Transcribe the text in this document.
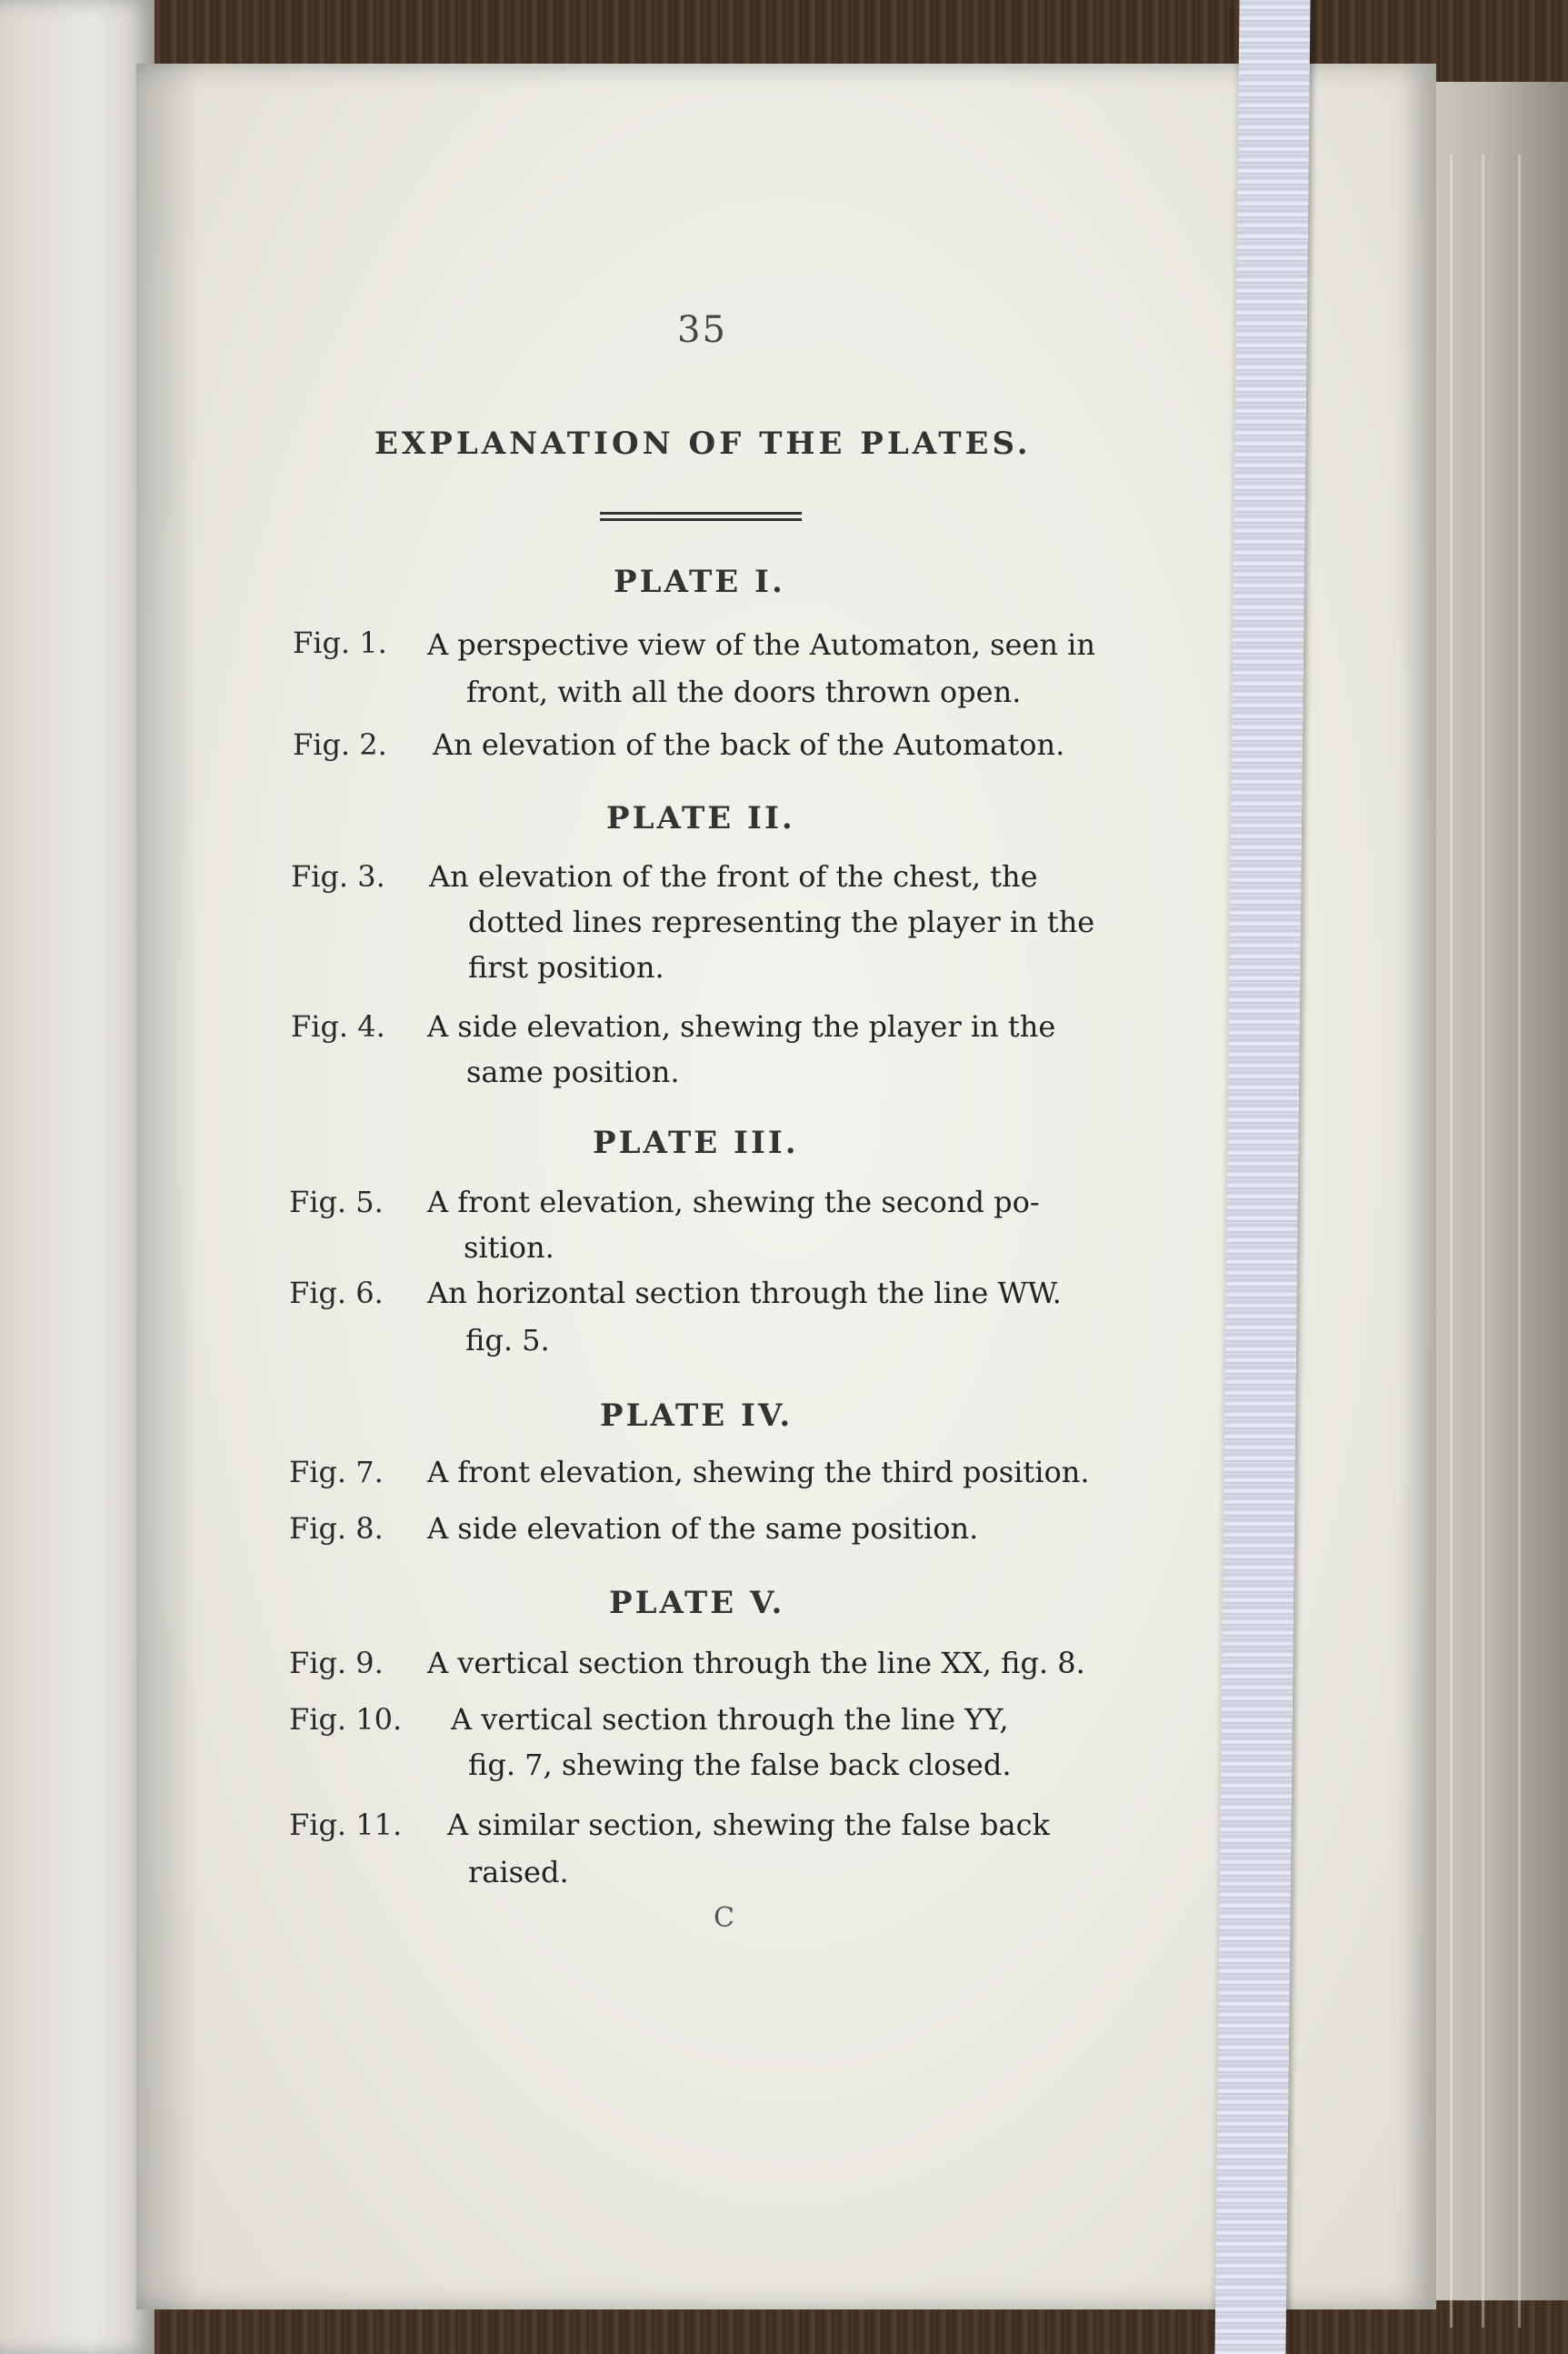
35
EXPLANATION OF THE PLATES.
PLATE I.
Fig. 1. A perspective view of the Automaton, seen in
front, with all the doors thrown open.
Fig. 2. An elevation of the back of the Automaton.
PLATE II.
Fig. 3. An elevation of the front of the chest, the
dotted lines representing the player in the
first position.
Fig. 4. A side elevation, shewing the player in the
same position.
PLATE III.
Fig. 5. A front elevation, shewing the second po-
sition.
Fig. 6. An horizontal section through the line WW.
fig. 5.
PLATE IV.
Fig. 7. A front elevation, shewing the third position.
Fig. 8. A side elevation of the same position.
PLATE V.
Fig. 9. A vertical section through the line XX, fig. 8.
Fig. 10. A vertical section through the line YY,
fig. 7, shewing the false back closed.
Fig. 11. A similar section, shewing the false back
raised.
C
